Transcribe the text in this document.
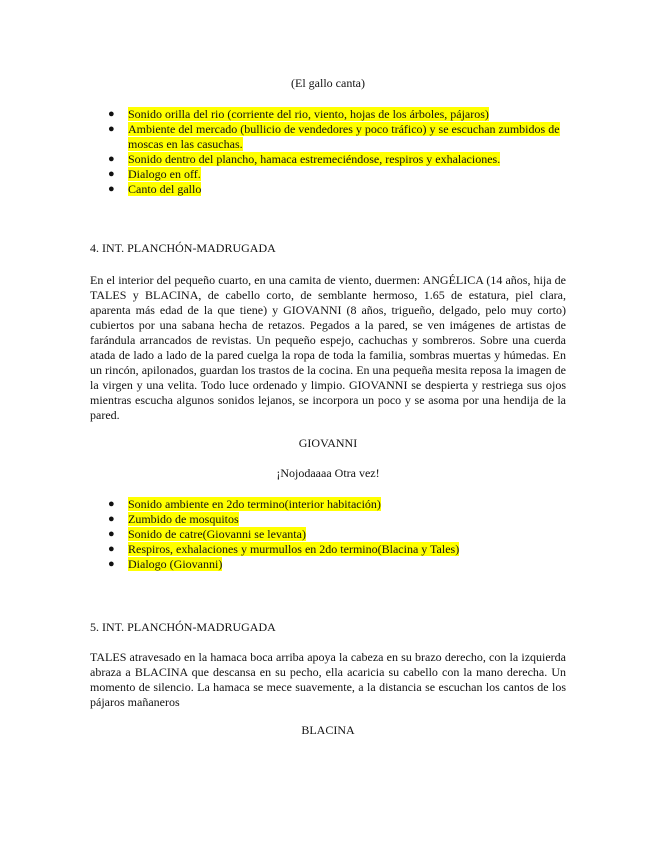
(El gallo canta)
● Sonido orilla del rio (corriente del rio, viento, hojas de los árboles, pájaros)
● Ambiente del mercado (bullicio de vendedores y poco tráfico) y se escuchan zumbidos de moscas en las casuchas.
● Sonido dentro del plancho, hamaca estremeciéndose, respiros y exhalaciones.
● Dialogo en off.
● Canto del gallo
4. INT. PLANCHÓN-MADRUGADA
En el interior del pequeño cuarto, en una camita de viento, duermen: ANGÉLICA (14 años, hija de TALES y BLACINA, de cabello corto, de semblante hermoso, 1.65 de estatura, piel clara, aparenta más edad de la que tiene) y GIOVANNI (8 años, trigueño, delgado, pelo muy corto) cubiertos por una sabana hecha de retazos. Pegados a la pared, se ven imágenes de artistas de farándula arrancados de revistas. Un pequeño espejo, cachuchas y sombreros. Sobre una cuerda atada de lado a lado de la pared cuelga la ropa de toda la familia, sombras muertas y húmedas. En un rincón, apilonados, guardan los trastos de la cocina. En una pequeña mesita reposa la imagen de la virgen y una velita. Todo luce ordenado y limpio. GIOVANNI se despierta y restriega sus ojos mientras escucha algunos sonidos lejanos, se incorpora un poco y se asoma por una hendija de la pared.
GIOVANNI
¡Nojodaaaa Otra vez!
● Sonido ambiente en 2do termino(interior habitación)
● Zumbido de mosquitos
● Sonido de catre(Giovanni se levanta)
● Respiros, exhalaciones y murmullos en 2do termino(Blacina y Tales)
● Dialogo (Giovanni)
5. INT. PLANCHÓN-MADRUGADA
TALES atravesado en la hamaca boca arriba apoya la cabeza en su brazo derecho, con la izquierda abraza a BLACINA que descansa en su pecho, ella acaricia su cabello con la mano derecha. Un momento de silencio. La hamaca se mece suavemente, a la distancia se escuchan los cantos de los pájaros mañaneros
BLACINA
